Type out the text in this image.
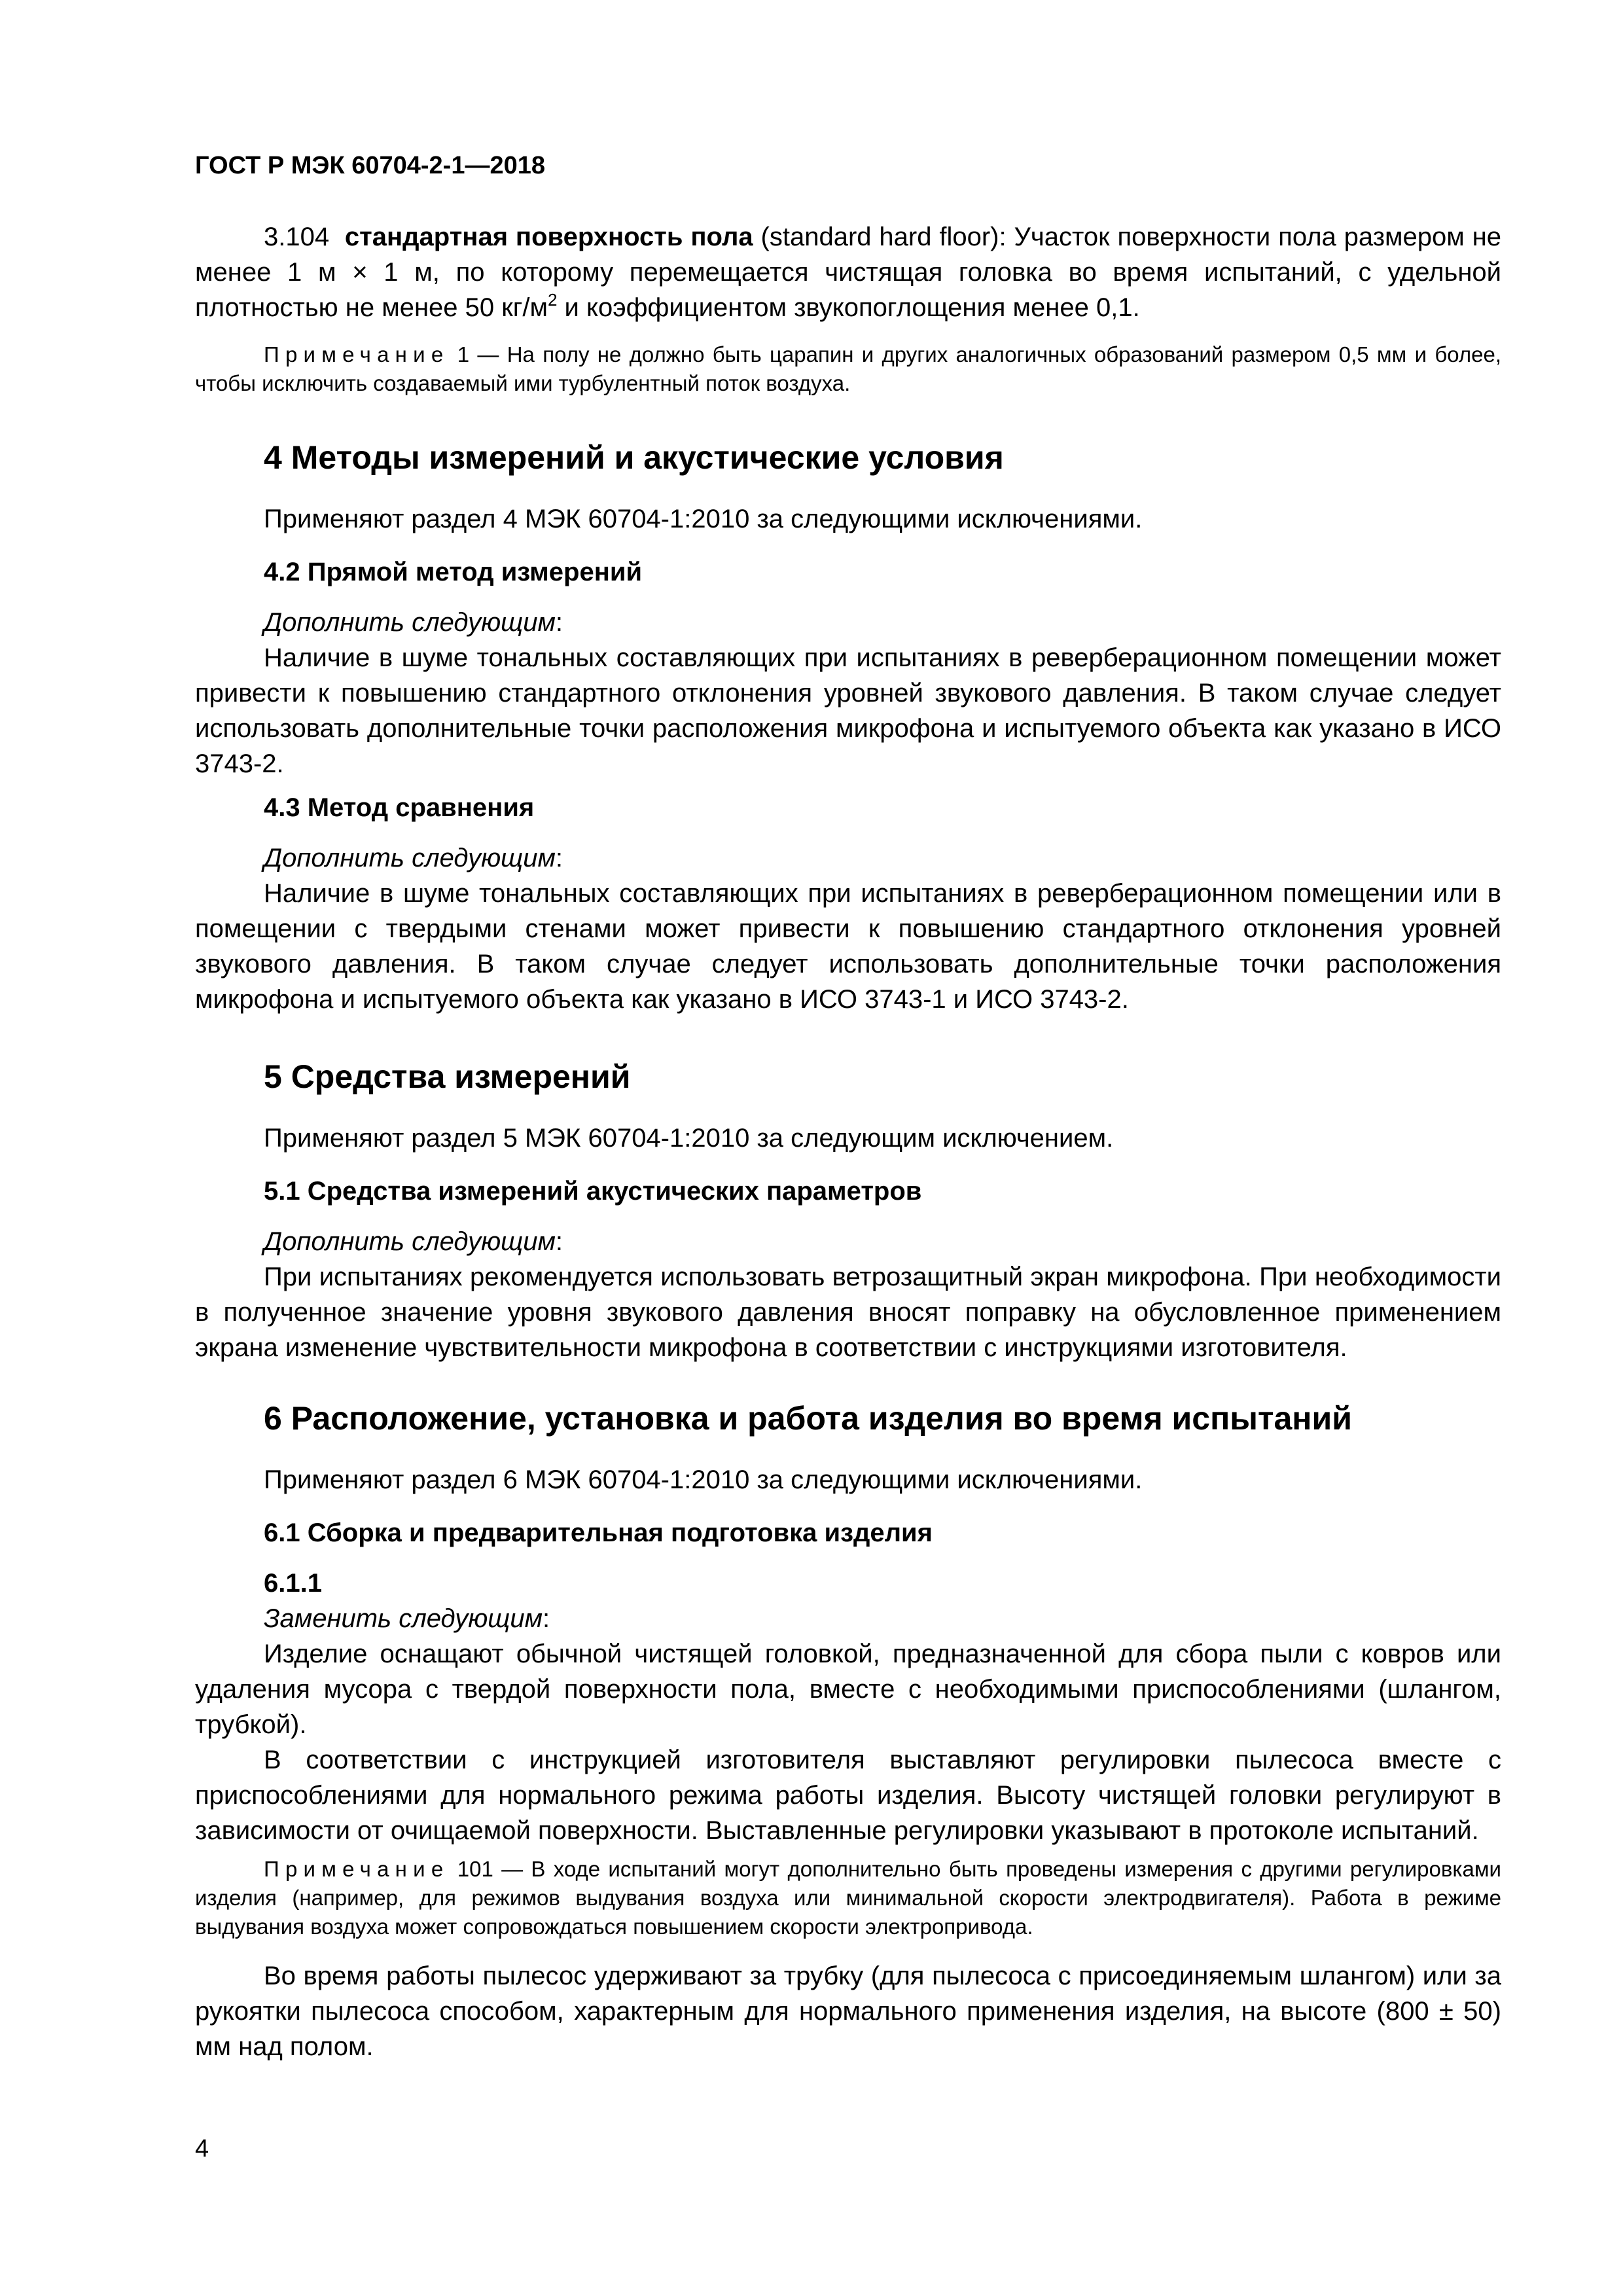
ГОСТ Р МЭК 60704-2-1—2018
3.104 стандартная поверхность пола (standard hard floor): Участок поверхности пола размером не менее 1 м × 1 м, по которому перемещается чистящая головка во время испытаний, с удельной плотностью не менее 50 $кг/м^2$ и коэффициентом звукопоглощения менее 0,1.
Примечание 1 — На полу не должно быть царапин и других аналогичных образований размером 0,5 мм и более, чтобы исключить создаваемый ими турбулентный поток воздуха.
4 Методы измерений и акустические условия
Применяют раздел 4 МЭК 60704-1:2010 за следующими исключениями.
4.2 Прямой метод измерений
Дополнить следующим:
Наличие в шуме тональных составляющих при испытаниях в реверберационном помещении может привести к повышению стандартного отклонения уровней звукового давления. В таком случае следует использовать дополнительные точки расположения микрофона и испытуемого объекта как указано в ИСО 3743-2.
4.3 Метод сравнения
Дополнить следующим:
Наличие в шуме тональных составляющих при испытаниях в реверберационном помещении или в помещении с твердыми стенами может привести к повышению стандартного отклонения уровней звукового давления. В таком случае следует использовать дополнительные точки расположения микрофона и испытуемого объекта как указано в ИСО 3743-1 и ИСО 3743-2.
5 Средства измерений
Применяют раздел 5 МЭК 60704-1:2010 за следующим исключением.
5.1 Средства измерений акустических параметров
Дополнить следующим:
При испытаниях рекомендуется использовать ветрозащитный экран микрофона. При необходимости в полученное значение уровня звукового давления вносят поправку на обусловленное применением экрана изменение чувствительности микрофона в соответствии с инструкциями изготовителя.
6 Расположение, установка и работа изделия во время испытаний
Применяют раздел 6 МЭК 60704-1:2010 за следующими исключениями.
6.1 Сборка и предварительная подготовка изделия
6.1.1
Заменить следующим:
Изделие оснащают обычной чистящей головкой, предназначенной для сбора пыли с ковров или удаления мусора с твердой поверхности пола, вместе с необходимыми приспособлениями (шлангом, трубкой).
В соответствии с инструкцией изготовителя выставляют регулировки пылесоса вместе с приспособлениями для нормального режима работы изделия. Высоту чистящей головки регулируют в зависимости от очищаемой поверхности. Выставленные регулировки указывают в протоколе испытаний.
Примечание 101 — В ходе испытаний могут дополнительно быть проведены измерения с другими регулировками изделия (например, для режимов выдувания воздуха или минимальной скорости электродвигателя). Работа в режиме выдувания воздуха может сопровождаться повышением скорости электропривода.
Во время работы пылесос удерживают за трубку (для пылесоса с присоединяемым шлангом) или за рукоятки пылесоса способом, характерным для нормального применения изделия, на высоте (800 ± 50) мм над полом.
4
